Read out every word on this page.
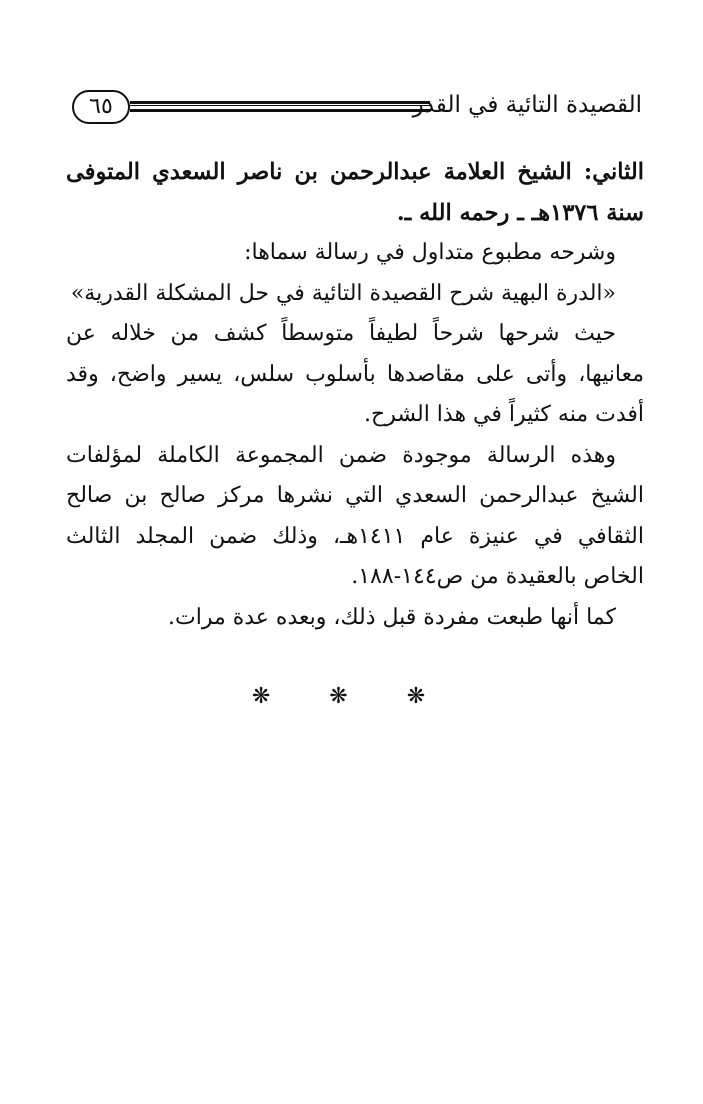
٦٥	القصيدة التائية في القدر

الثاني: الشيخ العلامة عبدالرحمن بن ناصر السعدي المتوفى سنة ١٣٧٦هـ ـ رحمه الله ـ.

وشرحه مطبوع متداول في رسالة سماها:

«الدرة البهية شرح القصيدة التائية في حل المشكلة القدرية»

حيث شرحها شرحاً لطيفاً متوسطاً كشف من خلاله عن معانيها، وأتى على مقاصدها بأسلوب سلس، يسير واضح، وقد أفدت منه كثيراً في هذا الشرح.

وهذه الرسالة موجودة ضمن المجموعة الكاملة لمؤلفات الشيخ عبدالرحمن السعدي التي نشرها مركز صالح بن صالح الثقافي في عنيزة عام ١٤١١هـ، وذلك ضمن المجلد الثالث الخاص بالعقيدة من ص١٤٤-١٨٨.

كما أنها طبعت مفردة قبل ذلك، وبعده عدة مرات.

❋ ❋ ❋
